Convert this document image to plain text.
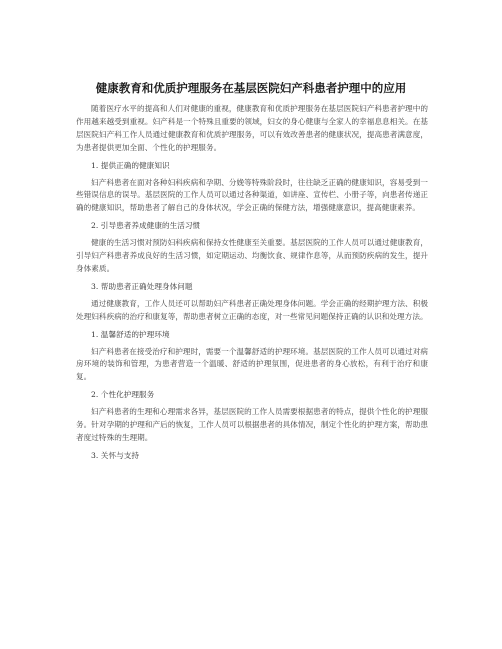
健康教育和优质护理服务在基层医院妇产科患者护理中的应用

随着医疗水平的提高和人们对健康的重视，健康教育和优质护理服务在基层医院妇产科患者护理中的作用越来越受到重视。妇产科是一个特殊且重要的领域，妇女的身心健康与全家人的幸福息息相关。在基层医院妇产科工作人员通过健康教育和优质护理服务，可以有效改善患者的健康状况，提高患者满意度，为患者提供更加全面、个性化的护理服务。

1. 提供正确的健康知识

妇产科患者在面对各种妇科疾病和孕期、分娩等特殊阶段时，往往缺乏正确的健康知识，容易受到一些错误信息的误导。基层医院的工作人员可以通过各种渠道，如讲座、宣传栏、小册子等，向患者传递正确的健康知识，帮助患者了解自己的身体状况，学会正确的保健方法，增强健康意识，提高健康素养。

2. 引导患者养成健康的生活习惯

健康的生活习惯对预防妇科疾病和保持女性健康至关重要。基层医院的工作人员可以通过健康教育，引导妇产科患者养成良好的生活习惯，如定期运动、均衡饮食、规律作息等，从而预防疾病的发生，提升身体素质。

3. 帮助患者正确处理身体问题

通过健康教育，工作人员还可以帮助妇产科患者正确处理身体问题。学会正确的经期护理方法、积极处理妇科疾病的治疗和康复等，帮助患者树立正确的态度，对一些常见问题保持正确的认识和处理方法。

1. 温馨舒适的护理环境

妇产科患者在接受治疗和护理时，需要一个温馨舒适的护理环境。基层医院的工作人员可以通过对病房环境的装饰和管理，为患者营造一个温暖、舒适的护理氛围，促进患者的身心放松，有利于治疗和康复。

2. 个性化护理服务

妇产科患者的生理和心理需求各异，基层医院的工作人员需要根据患者的特点，提供个性化的护理服务。针对孕期的护理和产后的恢复，工作人员可以根据患者的具体情况，制定个性化的护理方案，帮助患者度过特殊的生理期。

3. 关怀与支持
